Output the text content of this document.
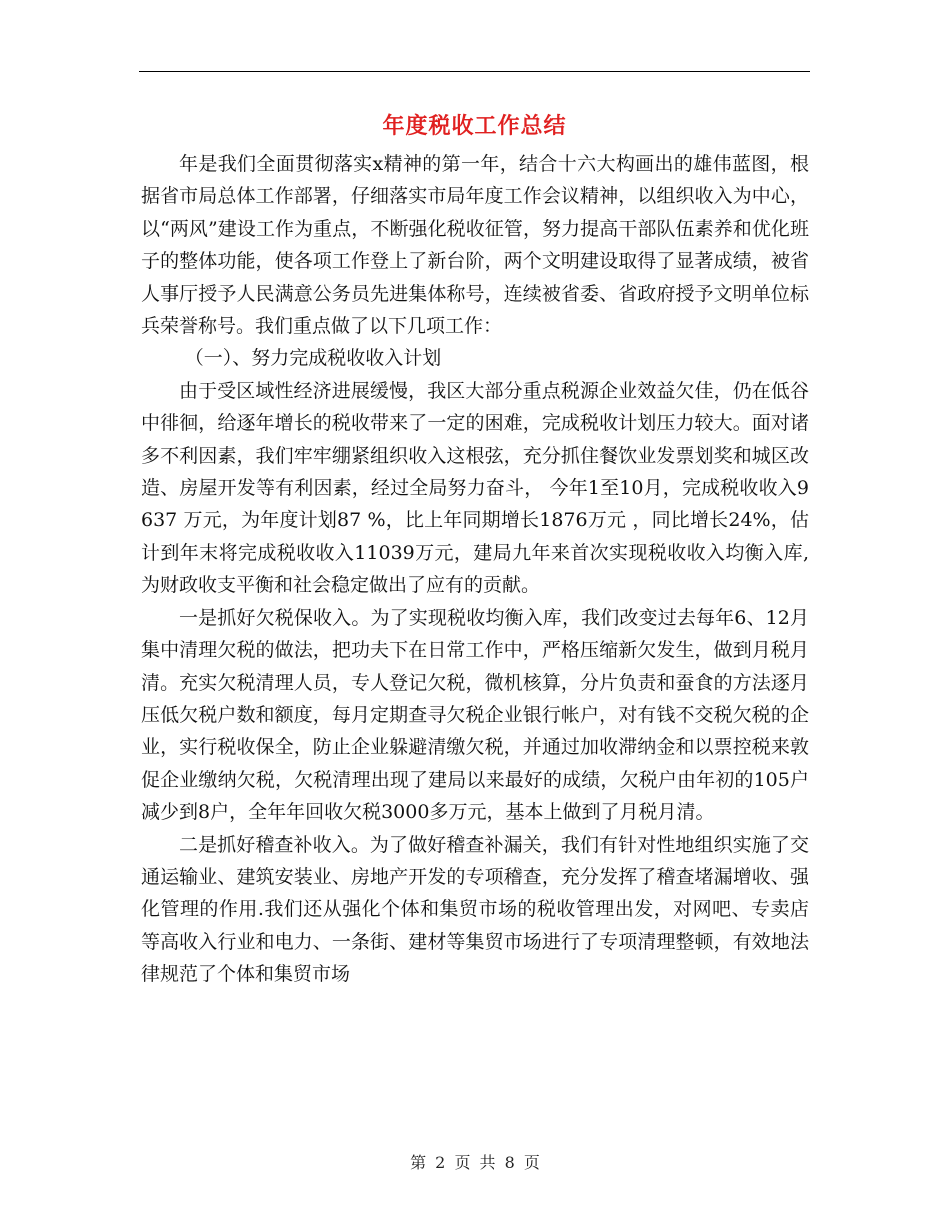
年度税收工作总结

年是我们全面贯彻落实x精神的第一年，结合十六大构画出的雄伟蓝图，根据省市局总体工作部署，仔细落实市局年度工作会议精神，以组织收入为中心，以“两风”建设工作为重点，不断强化税收征管，努力提高干部队伍素养和优化班子的整体功能，使各项工作登上了新台阶，两个文明建设取得了显著成绩，被省人事厅授予人民满意公务员先进集体称号，连续被省委、省政府授予文明单位标兵荣誉称号。我们重点做了以下几项工作：

（一）、努力完成税收收入计划

由于受区域性经济进展缓慢，我区大部分重点税源企业效益欠佳，仍在低谷中徘徊，给逐年增长的税收带来了一定的困难，完成税收计划压力较大。面对诸多不利因素，我们牢牢绷紧组织收入这根弦，充分抓住餐饮业发票划奖和城区改造、房屋开发等有利因素，经过全局努力奋斗， 今年1至10月，完成税收收入9637 万元，为年度计划87 %，比上年同期增长1876万元 ，同比增长24%，估计到年末将完成税收收入11039万元，建局九年来首次实现税收收入均衡入库,为财政收支平衡和社会稳定做出了应有的贡献。

一是抓好欠税保收入。为了实现税收均衡入库，我们改变过去每年6、12月集中清理欠税的做法，把功夫下在日常工作中，严格压缩新欠发生，做到月税月清。充实欠税清理人员，专人登记欠税，微机核算，分片负责和蚕食的方法逐月压低欠税户数和额度，每月定期查寻欠税企业银行帐户，对有钱不交税欠税的企业，实行税收保全，防止企业躲避清缴欠税，并通过加收滞纳金和以票控税来敦促企业缴纳欠税，欠税清理出现了建局以来最好的成绩，欠税户由年初的105户减少到8户，全年年回收欠税3000多万元，基本上做到了月税月清。

二是抓好稽查补收入。为了做好稽查补漏关，我们有针对性地组织实施了交通运输业、建筑安装业、房地产开发的专项稽查，充分发挥了稽查堵漏增收、强化管理的作用.我们还从强化个体和集贸市场的税收管理出发，对网吧、专卖店等高收入行业和电力、一条街、建材等集贸市场进行了专项清理整顿，有效地法律规范了个体和集贸市场

第 2 页 共 8 页
